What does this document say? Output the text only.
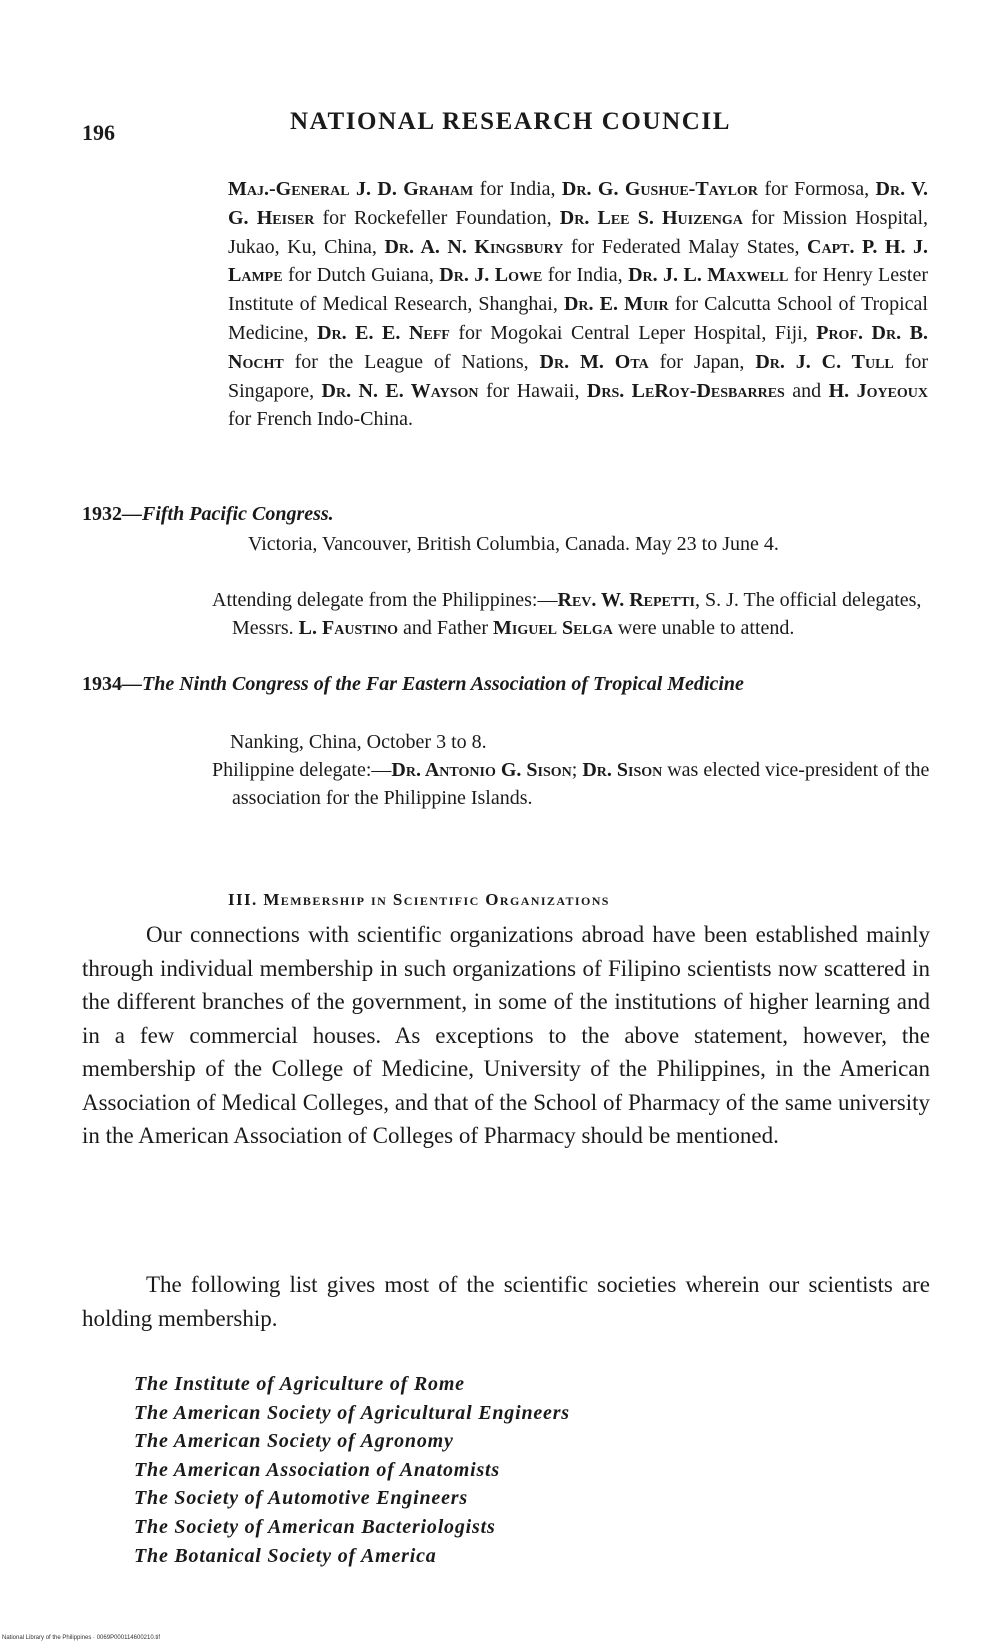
196	NATIONAL RESEARCH COUNCIL
Maj.-General J. D. Graham for India, Dr. G. Gushue-Taylor for Formosa, Dr. V. G. Heiser for Rockefeller Foundation, Dr. Lee S. Huizenga for Mission Hospital, Jukao, Ku, China, Dr. A. N. Kingsbury for Federated Malay States, Capt. P. H. J. Lampe for Dutch Guiana, Dr. J. Lowe for India, Dr. J. L. Maxwell for Henry Lester Institute of Medical Research, Shanghai, Dr. E. Muir for Calcutta School of Tropical Medicine, Dr. E. E. Neff for Mogokai Central Leper Hospital, Fiji, Prof. Dr. B. Nocht for the League of Nations, Dr. M. Ota for Japan, Dr. J. C. Tull for Singapore, Dr. N. E. Wayson for Hawaii, Drs. LeRoy-Desbarres and H. Joyeoux for French Indo-China.
1932—Fifth Pacific Congress.
Victoria, Vancouver, British Columbia, Canada. May 23 to June 4.
Attending delegate from the Philippines:—Rev. W. Repetti, S. J. The official delegates, Messrs. L. Faustino and Father Miguel Selga were unable to attend.
1934—The Ninth Congress of the Far Eastern Association of Tropical Medicine
Nanking, China, October 3 to 8.
Philippine delegate:—Dr. Antonio G. Sison; Dr. Sison was elected vice-president of the association for the Philippine Islands.
III. Membership in Scientific Organizations

Our connections with scientific organizations abroad have been established mainly through individual membership in such organizations of Filipino scientists now scattered in the different branches of the government, in some of the institutions of higher learning and in a few commercial houses. As exceptions to the above statement, however, the membership of the College of Medicine, University of the Philippines, in the American Association of Medical Colleges, and that of the School of Pharmacy of the same university in the American Association of Colleges of Pharmacy should be mentioned.

The following list gives most of the scientific societies wherein our scientists are holding membership.

The Institute of Agriculture of Rome
The American Society of Agricultural Engineers
The American Society of Agronomy
The American Association of Anatomists
The Society of Automotive Engineers
The Society of American Bacteriologists
The Botanical Society of America
National Library of the Philippines · 0069P000114600210.tif
